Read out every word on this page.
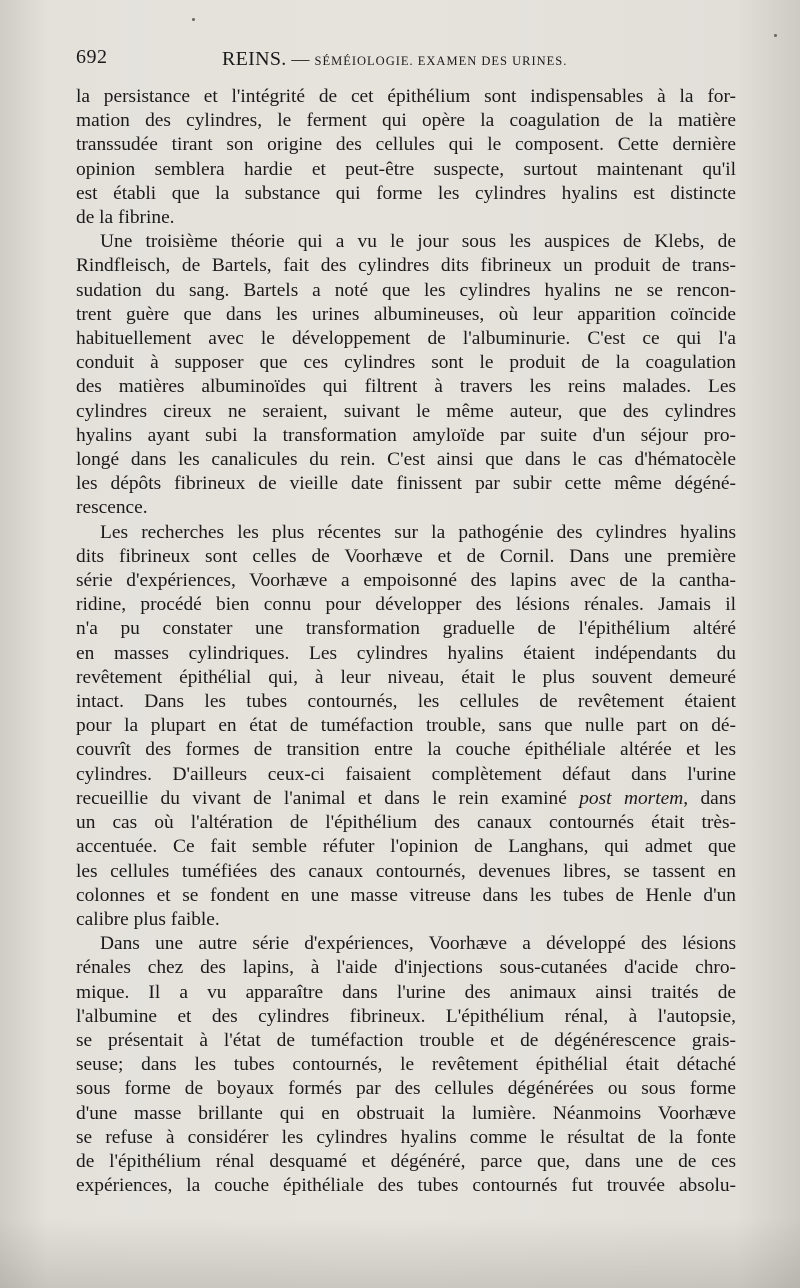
692	REINS. — SÉMÉIOLOGIE. EXAMEN DES URINES.

la persistance et l'intégrité de cet épithélium sont indispensables à la for-

mation des cylindres, le ferment qui opère la coagulation de la matière

transsudée tirant son origine des cellules qui le composent. Cette dernière

opinion semblera hardie et peut-être suspecte, surtout maintenant qu'il

est établi que la substance qui forme les cylindres hyalins est distincte

de la fibrine.

Une troisième théorie qui a vu le jour sous les auspices de Klebs, de

Rindfleisch, de Bartels, fait des cylindres dits fibrineux un produit de trans-

sudation du sang. Bartels a noté que les cylindres hyalins ne se rencon-

trent guère que dans les urines albumineuses, où leur apparition coïncide

habituellement avec le développement de l'albuminurie. C'est ce qui l'a

conduit à supposer que ces cylindres sont le produit de la coagulation

des matières albuminoïdes qui filtrent à travers les reins malades. Les

cylindres cireux ne seraient, suivant le même auteur, que des cylindres

hyalins ayant subi la transformation amyloïde par suite d'un séjour pro-

longé dans les canalicules du rein. C'est ainsi que dans le cas d'hématocèle

les dépôts fibrineux de vieille date finissent par subir cette même dégéné-

rescence.

Les recherches les plus récentes sur la pathogénie des cylindres hyalins

dits fibrineux sont celles de Voorhæve et de Cornil. Dans une première

série d'expériences, Voorhæve a empoisonné des lapins avec de la cantha-

ridine, procédé bien connu pour développer des lésions rénales. Jamais il

n'a pu constater une transformation graduelle de l'épithélium altéré

en masses cylindriques. Les cylindres hyalins étaient indépendants du

revêtement épithélial qui, à leur niveau, était le plus souvent demeuré

intact. Dans les tubes contournés, les cellules de revêtement étaient

pour la plupart en état de tuméfaction trouble, sans que nulle part on dé-

couvrît des formes de transition entre la couche épithéliale altérée et les

cylindres. D'ailleurs ceux-ci faisaient complètement défaut dans l'urine

recueillie du vivant de l'animal et dans le rein examiné post mortem, dans

un cas où l'altération de l'épithélium des canaux contournés était très-

accentuée. Ce fait semble réfuter l'opinion de Langhans, qui admet que

les cellules tuméfiées des canaux contournés, devenues libres, se tassent en

colonnes et se fondent en une masse vitreuse dans les tubes de Henle d'un

calibre plus faible.

Dans une autre série d'expériences, Voorhæve a développé des lésions

rénales chez des lapins, à l'aide d'injections sous-cutanées d'acide chro-

mique. Il a vu apparaître dans l'urine des animaux ainsi traités de

l'albumine et des cylindres fibrineux. L'épithélium rénal, à l'autopsie,

se présentait à l'état de tuméfaction trouble et de dégénérescence grais-

seuse; dans les tubes contournés, le revêtement épithélial était détaché

sous forme de boyaux formés par des cellules dégénérées ou sous forme

d'une masse brillante qui en obstruait la lumière. Néanmoins Voorhæve

se refuse à considérer les cylindres hyalins comme le résultat de la fonte

de l'épithélium rénal desquamé et dégénéré, parce que, dans une de ces

expériences, la couche épithéliale des tubes contournés fut trouvée absolu-
